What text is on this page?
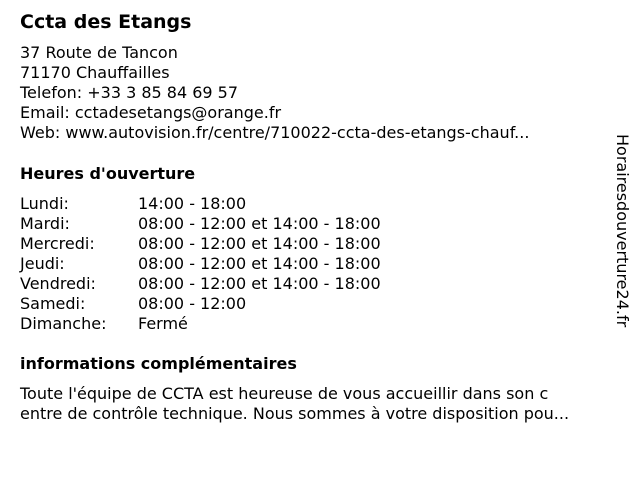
Ccta des Etangs
37 Route de Tancon
71170 Chauffailles
Telefon: +33 3 85 84 69 57
Email: cctadesetangs@orange.fr
Web: www.autovision.fr/centre/710022-ccta-des-etangs-chauf...
Heures d'ouverture
Lundi:	14:00 - 18:00
Mardi:	08:00 - 12:00 et 14:00 - 18:00
Mercredi:	08:00 - 12:00 et 14:00 - 18:00
Jeudi:	08:00 - 12:00 et 14:00 - 18:00
Vendredi:	08:00 - 12:00 et 14:00 - 18:00
Samedi:	08:00 - 12:00
Dimanche:	Fermé
informations complémentaires
Toute l'équipe de CCTA est heureuse de vous accueillir dans son c
entre de contrôle technique. Nous sommes à votre disposition pou...
Horairesdouverture24.fr
